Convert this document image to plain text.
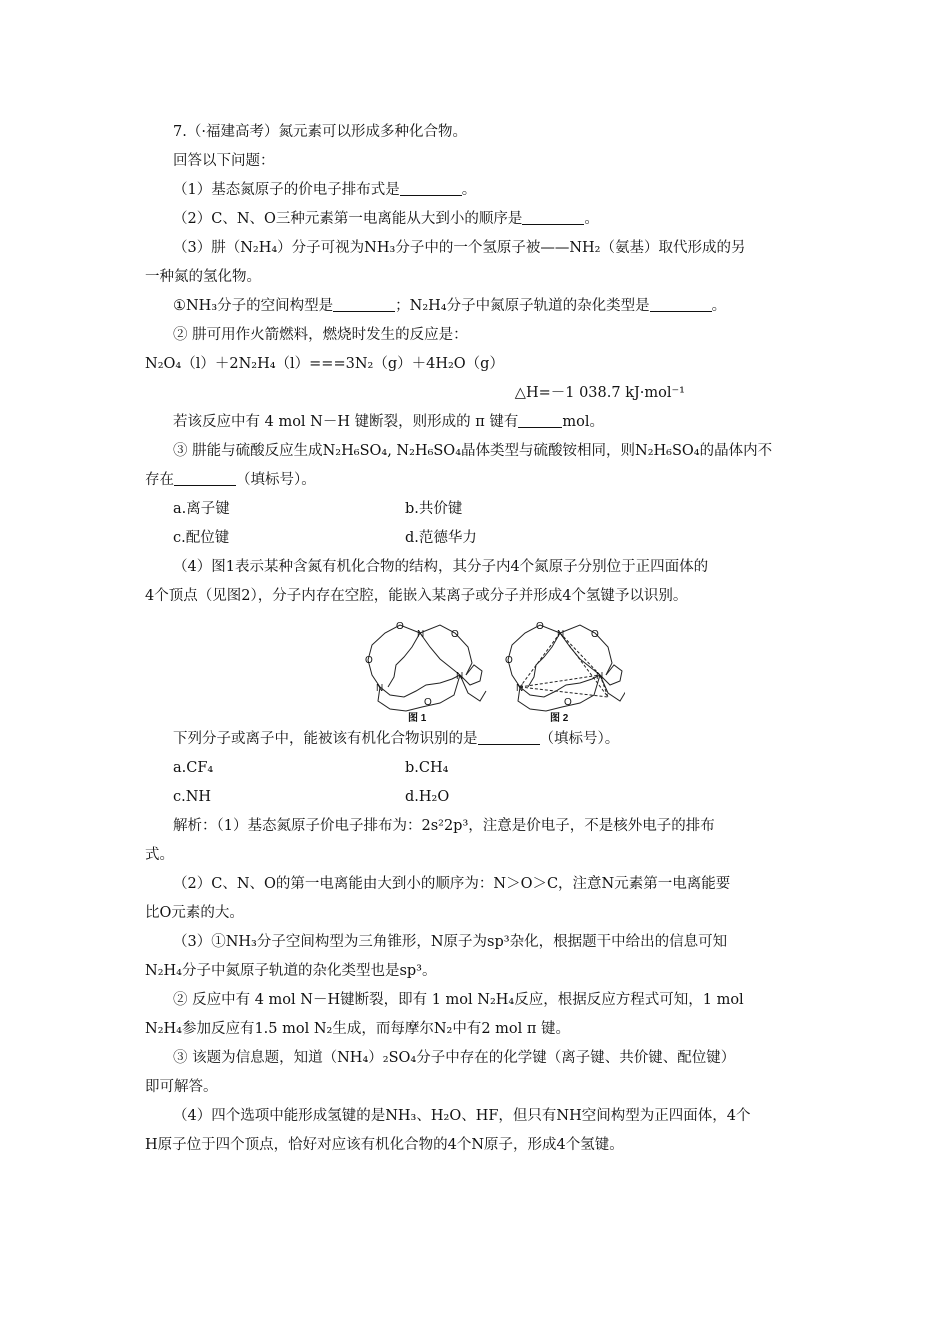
7.（·福建高考）氮元素可以形成多种化合物。

回答以下问题：

（1）基态氮原子的价电子排布式是	。

（2）C、N、O三种元素第一电离能从大到小的顺序是	。

（3）肼（N₂H₄）分子可视为NH₃分子中的一个氢原子被——NH₂（氨基）取代形成的另

一种氮的氢化物。

①NH₃分子的空间构型是	；N₂H₄分子中氮原子轨道的杂化类型是	。

② 肼可用作火箭燃料，燃烧时发生的反应是：

N₂O₄（l）＋2N₂H₄（l）===3N₂（g）＋4H₂O（g）

△H=－1 038.7 kJ·mol⁻¹

若该反应中有 4 mol N－H 键断裂，则形成的 π 键有	mol。

③ 肼能与硫酸反应生成N₂H₆SO₄, N₂H₆SO₄晶体类型与硫酸铵相同，则N₂H₆SO₄的晶体内不

存在	（填标号）。

a.离子键	b.共价键
c.配位键	d.范德华力

（4）图1表示某种含氮有机化合物的结构，其分子内4个氮原子分别位于正四面体的

4个顶点（见图2），分子内存在空腔，能嵌入某离子或分子并形成4个氢键予以识别。

N
N
N
O
O
O
O
N
N
N
O
O
O
O
图 1	图 2

下列分子或离子中，能被该有机化合物识别的是	（填标号）。

a.CF₄	b.CH₄
c.NH	d.H₂O

解析：（1）基态氮原子价电子排布为：2s²2p³，注意是价电子，不是核外电子的排布

式。

（2）C、N、O的第一电离能由大到小的顺序为：N＞O＞C，注意N元素第一电离能要

比O元素的大。

（3）①NH₃分子空间构型为三角锥形，N原子为sp³杂化，根据题干中给出的信息可知

N₂H₄分子中氮原子轨道的杂化类型也是sp³。

② 反应中有 4 mol N－H键断裂，即有 1 mol N₂H₄反应，根据反应方程式可知，1 mol

N₂H₄参加反应有1.5 mol N₂生成，而每摩尔N₂中有2 mol π 键。

③ 该题为信息题，知道（NH₄）₂SO₄分子中存在的化学键（离子键、共价键、配位键）

即可解答。

（4）四个选项中能形成氢键的是NH₃、H₂O、HF，但只有NH空间构型为正四面体，4个

H原子位于四个顶点，恰好对应该有机化合物的4个N原子，形成4个氢键。
